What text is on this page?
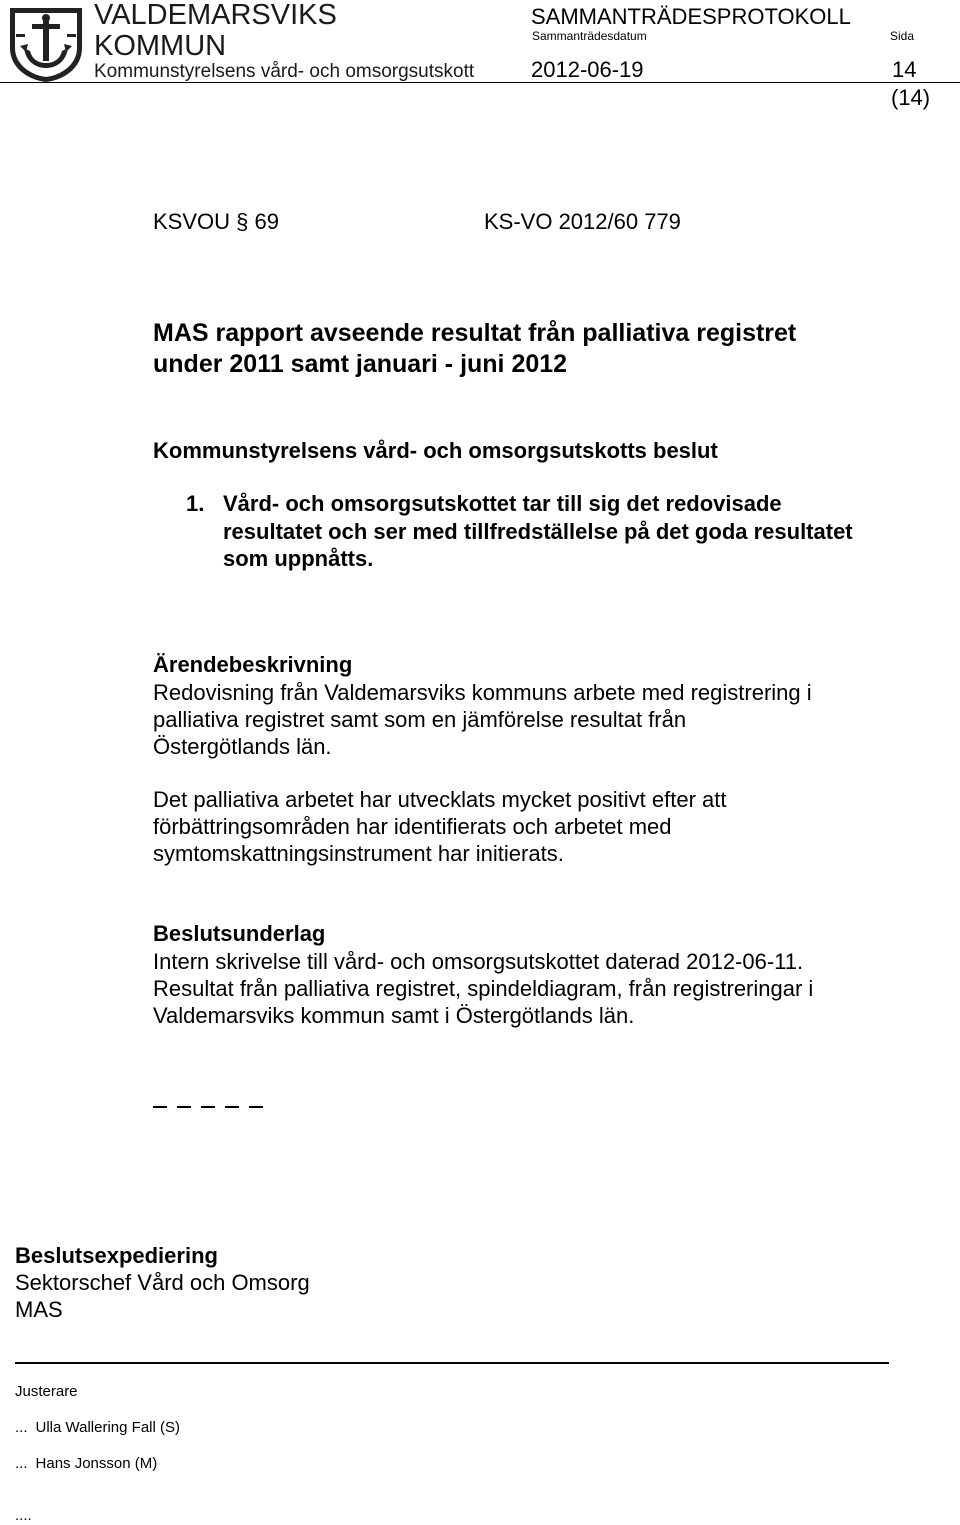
VALDEMARSVIKS
KOMMUN
Kommunstyrelsens vård- och omsorgsutskott
SAMMANTRÄDESPROTOKOLL
Sammanträdesdatum	Sida
2012-06-19	14
(14)
KSVOU § 69	KS-VO 2012/60 779
MAS rapport avseende resultat från palliativa registret
under 2011 samt januari - juni 2012
Kommunstyrelsens vård- och omsorgsutskotts beslut
1. Vård- och omsorgsutskottet tar till sig det redovisade
resultatet och ser med tillfredställelse på det goda resultatet
som uppnåtts.
Ärendebeskrivning
Redovisning från Valdemarsviks kommuns arbete med registrering i
palliativa registret samt som en jämförelse resultat från
Östergötlands län.
Det palliativa arbetet har utvecklats mycket positivt efter att
förbättringsområden har identifierats och arbetet med
symtomskattningsinstrument har initierats.
Beslutsunderlag
Intern skrivelse till vård- och omsorgsutskottet daterad 2012-06-11.
Resultat från palliativa registret, spindeldiagram, från registreringar i
Valdemarsviks kommun samt i Östergötlands län.
Beslutsexpediering
Sektorschef Vård och Omsorg
MAS
Justerare
... Ulla Wallering Fall (S)
... Hans Jonsson (M)
....
